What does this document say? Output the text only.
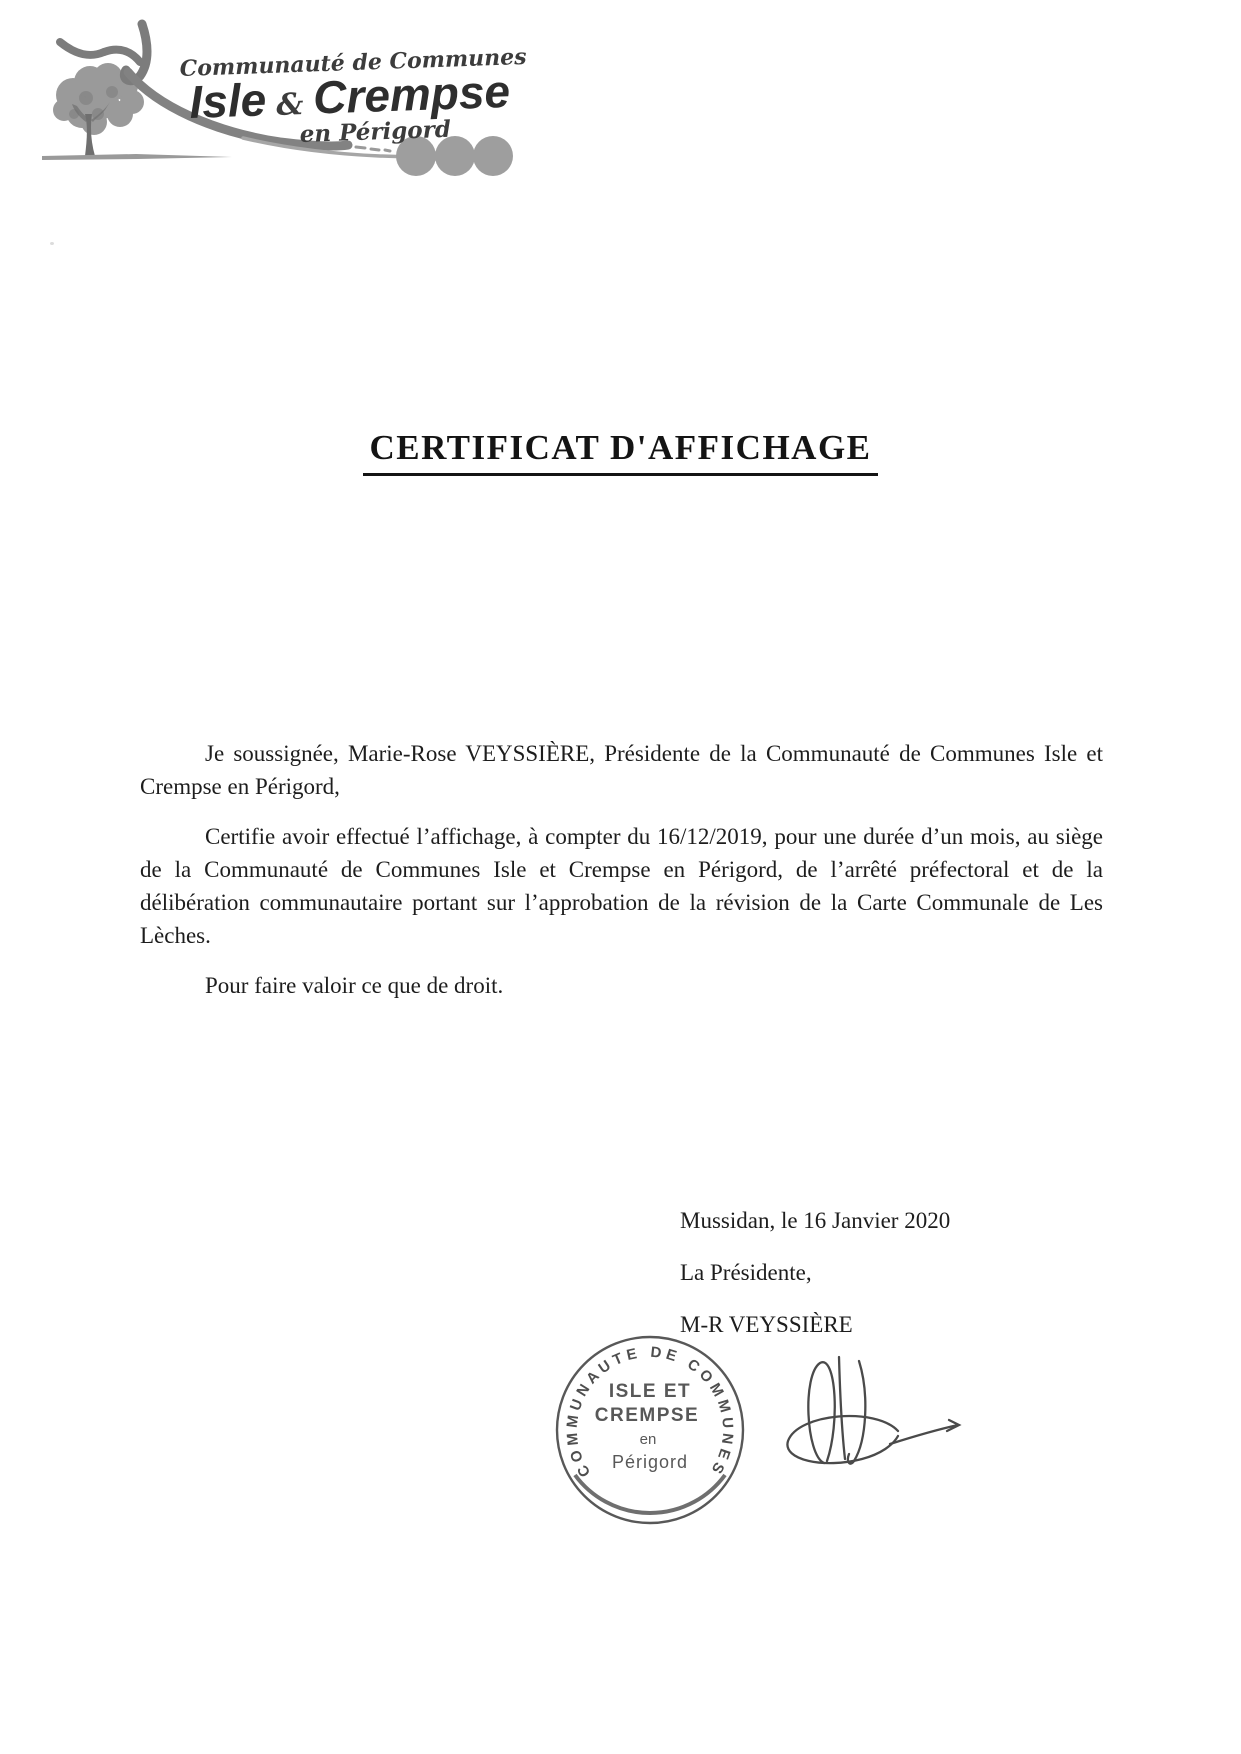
Communauté de Communes
Isle & Crempse
en Périgord
CERTIFICAT D'AFFICHAGE

Je soussignée, Marie-Rose VEYSSIÈRE, Présidente de la Communauté de Communes Isle et Crempse en Périgord,

Certifie avoir effectué l’affichage, à compter du 16/12/2019, pour une durée d’un mois, au siège de la Communauté de Communes Isle et Crempse en Périgord, de l’arrêté préfectoral et de la délibération communautaire portant sur l’approbation de la révision de la Carte Communale de Les Lèches.

Pour faire valoir ce que de droit.

Mussidan, le 16 Janvier 2020

La Présidente,

M-R VEYSSIÈRE

COMMUNAUTE DE COMMUNES
ISLE ET
CREMPSE
en
Périgord
